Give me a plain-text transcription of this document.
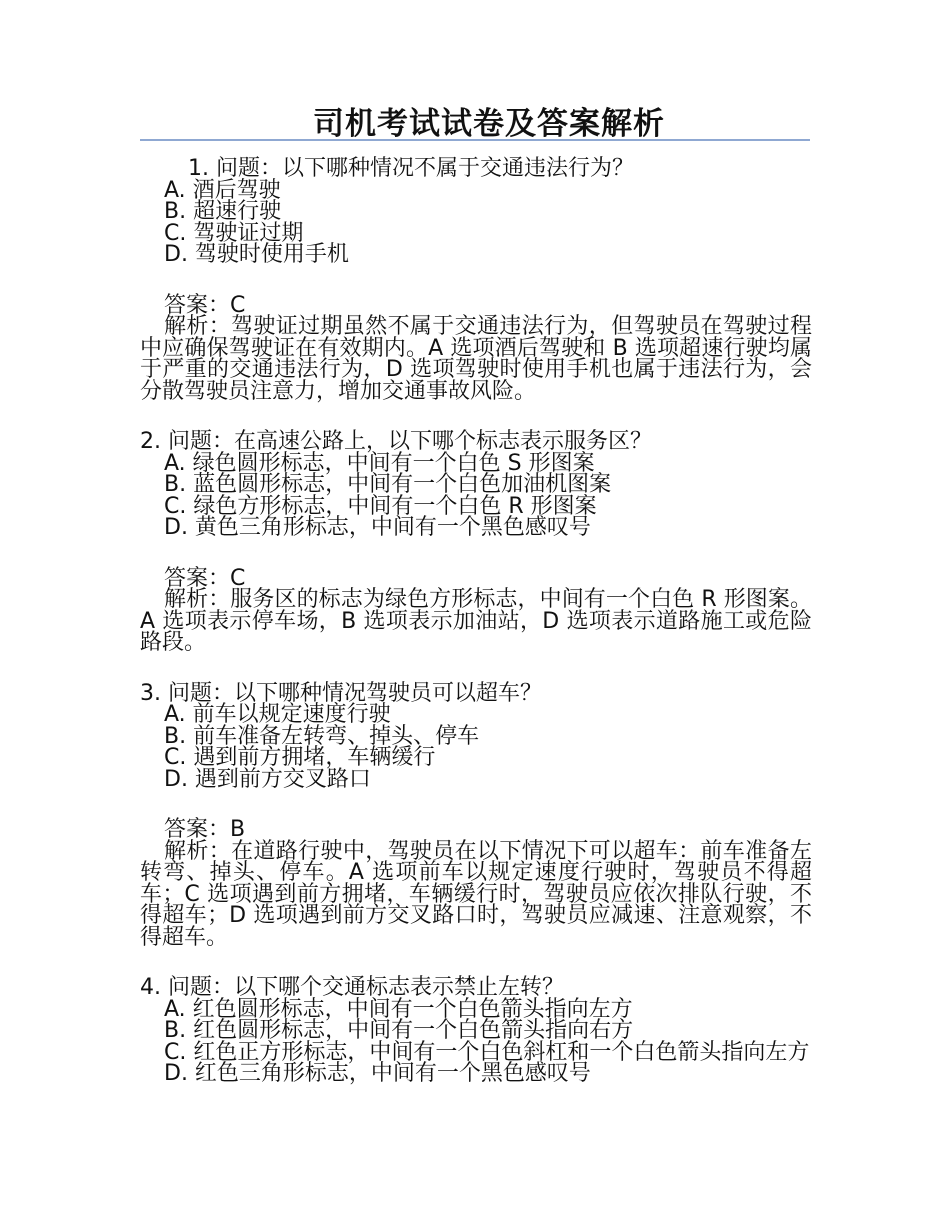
司机考试试卷及答案解析

1. 问题：以下哪种情况不属于交通违法行为？

A. 酒后驾驶

B. 超速行驶

C. 驾驶证过期

D. 驾驶时使用手机

答案：C

解析：驾驶证过期虽然不属于交通违法行为，但驾驶员在驾驶过程中应确保驾驶证在有效期内。A 选项酒后驾驶和 B 选项超速行驶均属于严重的交通违法行为，D 选项驾驶时使用手机也属于违法行为，会分散驾驶员注意力，增加交通事故风险。

2. 问题：在高速公路上，以下哪个标志表示服务区？

A. 绿色圆形标志，中间有一个白色 S 形图案

B. 蓝色圆形标志，中间有一个白色加油机图案

C. 绿色方形标志，中间有一个白色 R 形图案

D. 黄色三角形标志，中间有一个黑色感叹号

答案：C

解析：服务区的标志为绿色方形标志，中间有一个白色 R 形图案。A 选项表示停车场，B 选项表示加油站，D 选项表示道路施工或危险路段。

3. 问题：以下哪种情况驾驶员可以超车？

A. 前车以规定速度行驶

B. 前车准备左转弯、掉头、停车

C. 遇到前方拥堵，车辆缓行

D. 遇到前方交叉路口

答案：B

解析：在道路行驶中，驾驶员在以下情况下可以超车：前车准备左转弯、掉头、停车。A 选项前车以规定速度行驶时，驾驶员不得超车；C 选项遇到前方拥堵，车辆缓行时，驾驶员应依次排队行驶，不得超车；D 选项遇到前方交叉路口时，驾驶员应减速、注意观察，不得超车。

4. 问题：以下哪个交通标志表示禁止左转？

A. 红色圆形标志，中间有一个白色箭头指向左方

B. 红色圆形标志，中间有一个白色箭头指向右方

C. 红色正方形标志，中间有一个白色斜杠和一个白色箭头指向左方

D. 红色三角形标志，中间有一个黑色感叹号
